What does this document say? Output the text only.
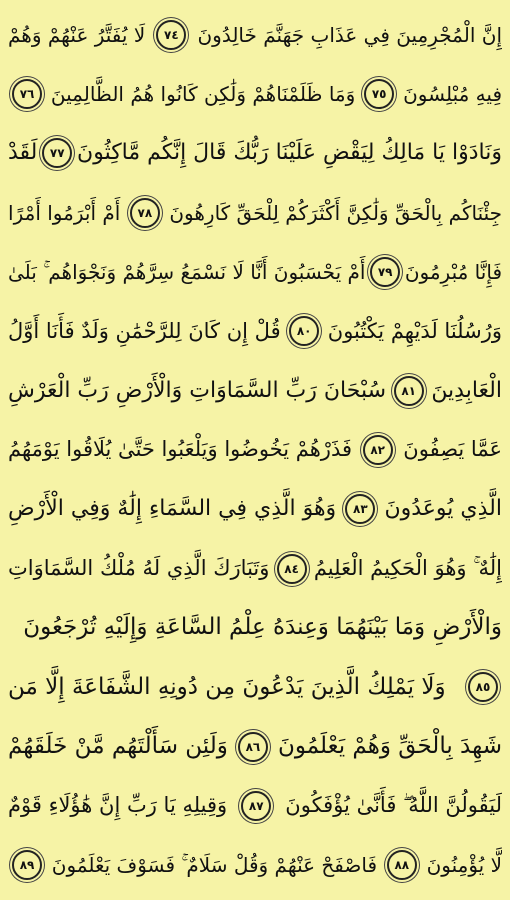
إِنَّ الْمُجْرِمِينَ فِي عَذَابِ جَهَنَّمَ خَالِدُونَ
٧٤
لَا يُفَتَّرُ عَنْهُمْ وَهُمْ
فِيهِ مُبْلِسُونَ
٧٥
وَمَا ظَلَمْنَاهُمْ وَلَٰكِن كَانُوا هُمُ الظَّالِمِينَ
٧٦
وَنَادَوْا يَا مَالِكُ لِيَقْضِ عَلَيْنَا رَبُّكَ قَالَ إِنَّكُم مَّاكِثُونَ
٧٧
لَقَدْ
جِئْنَاكُم بِالْحَقِّ وَلَٰكِنَّ أَكْثَرَكُمْ لِلْحَقِّ كَارِهُونَ
٧٨
أَمْ أَبْرَمُوا أَمْرًا
فَإِنَّا مُبْرِمُونَ
٧٩
أَمْ يَحْسَبُونَ أَنَّا لَا نَسْمَعُ سِرَّهُمْ وَنَجْوَاهُم ۚ بَلَىٰ
وَرُسُلُنَا لَدَيْهِمْ يَكْتُبُونَ
٨٠
قُلْ إِن كَانَ لِلرَّحْمَٰنِ وَلَدٌ فَأَنَا أَوَّلُ
الْعَابِدِينَ
٨١
سُبْحَانَ رَبِّ السَّمَاوَاتِ وَالْأَرْضِ رَبِّ الْعَرْشِ
عَمَّا يَصِفُونَ
٨٢
فَذَرْهُمْ يَخُوضُوا وَيَلْعَبُوا حَتَّىٰ يُلَاقُوا يَوْمَهُمُ
الَّذِي يُوعَدُونَ
٨٣
وَهُوَ الَّذِي فِي السَّمَاءِ إِلَٰهٌ وَفِي الْأَرْضِ
إِلَٰهٌ ۚ وَهُوَ الْحَكِيمُ الْعَلِيمُ
٨٤
وَتَبَارَكَ الَّذِي لَهُ مُلْكُ السَّمَاوَاتِ
وَالْأَرْضِ وَمَا بَيْنَهُمَا وَعِندَهُ عِلْمُ السَّاعَةِ وَإِلَيْهِ تُرْجَعُونَ
٨٥
وَلَا يَمْلِكُ الَّذِينَ يَدْعُونَ مِن دُونِهِ الشَّفَاعَةَ إِلَّا مَن
شَهِدَ بِالْحَقِّ وَهُمْ يَعْلَمُونَ
٨٦
وَلَئِن سَأَلْتَهُم مَّنْ خَلَقَهُمْ
لَيَقُولُنَّ اللَّهُ ۖ فَأَنَّىٰ يُؤْفَكُونَ
٨٧
وَقِيلِهِ يَا رَبِّ إِنَّ هَٰؤُلَاءِ قَوْمٌ
لَّا يُؤْمِنُونَ
٨٨
فَاصْفَحْ عَنْهُمْ وَقُلْ سَلَامٌ ۚ فَسَوْفَ يَعْلَمُونَ
٨٩
